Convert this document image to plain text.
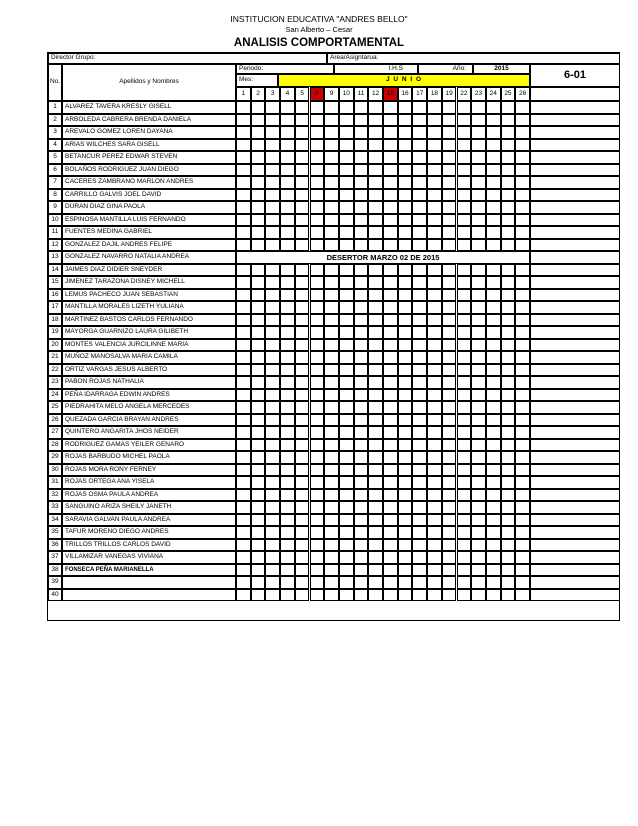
INSTITUCION EDUCATIVA "ANDRES BELLO"
San Alberto – Cesar
ANALISIS COMPORTAMENTAL
Director Grupo:	Area/Asigntarua:
No.	Apellidos y Nombres
Periodo:	I.H.S	Año:	2015
Mes:	J U N I O	6-01
1	2	3	4	5	8	9	10	11	12	15	16	17	18	19	22	23	24	25	26
1	ALVAREZ TAVERA KRESLY GISELL
2	ARBOLEDA CABRERA BRENDA DANIELA
3	AREVALO GOMEZ LOREN DAYANA
4	ARIAS WILCHES SARA GISELL
5	BETANCUR PEREZ EDWAR STEVEN
6	BOLAÑOS RODRIGUEZ JUAN DIEGO
7	CACERES ZAMBRANO MARLON ANDRES
8	CARRILLO GALVIS JOEL DAVID
9	DURAN DIAZ GINA PAOLA
10 ESPINOSA MANTILLA LUIS FERNANDO
11	FUENTES MEDINA GABRIEL
12 GONZALEZ DAJIL ANDRES FELIPE
13 GONZALEZ NAVARRO NATALIA ANDREA	DESERTOR MARZO 02 DE 2015
14 JAIMES DIAZ DIDIER SNEYDER
15 JIMENEZ TARAZONA DISNEY MICHELL
16 LEMUS PACHECO JUAN SEBASTIAN
17 MANTILLA MORALES LIZETH YULIANA
18 MARTINEZ BASTOS CARLOS FERNANDO
19 MAYORGA GUARNIZO LAURA GILIBETH
20 MONTES VALENCIA JURCILINNE MARIA
21 MUÑOZ MANOSALVA MARIA CAMILA
22 ORTIZ VARGAS JESUS ALBERTO
23 PABON ROJAS NATHALIA
24 PEÑA IDARRAGA EDWIN ANDRES
25 PIEDRAHITA MELO ANGELA MERCEDES
26 QUEZADA GARCIA BRAYAN ANDRES
27 QUINTERO ANGARITA JHOS NEIDER
28 RODRIGUEZ GAMAS YEILER GENARO
29 ROJAS BARBUDO MICHEL PAOLA
30 ROJAS MORA RONY FERNEY
31 ROJAS ORTEGA ANA YISELA
32 ROJAS OSMA PAULA ANDREA
33 SANGUINO ARIZA SHEILY JANETH
34 SARAVIA GALVAN PAULA ANDREA
35 TAFUR MORENO DIEGO ANDRES
36 TRILLOS TRILLOS CARLOS DAVID
37 VILLAMIZAR VANEGAS VIVIANA
38	FONSECA PEÑA MARIANELLA
39
40
